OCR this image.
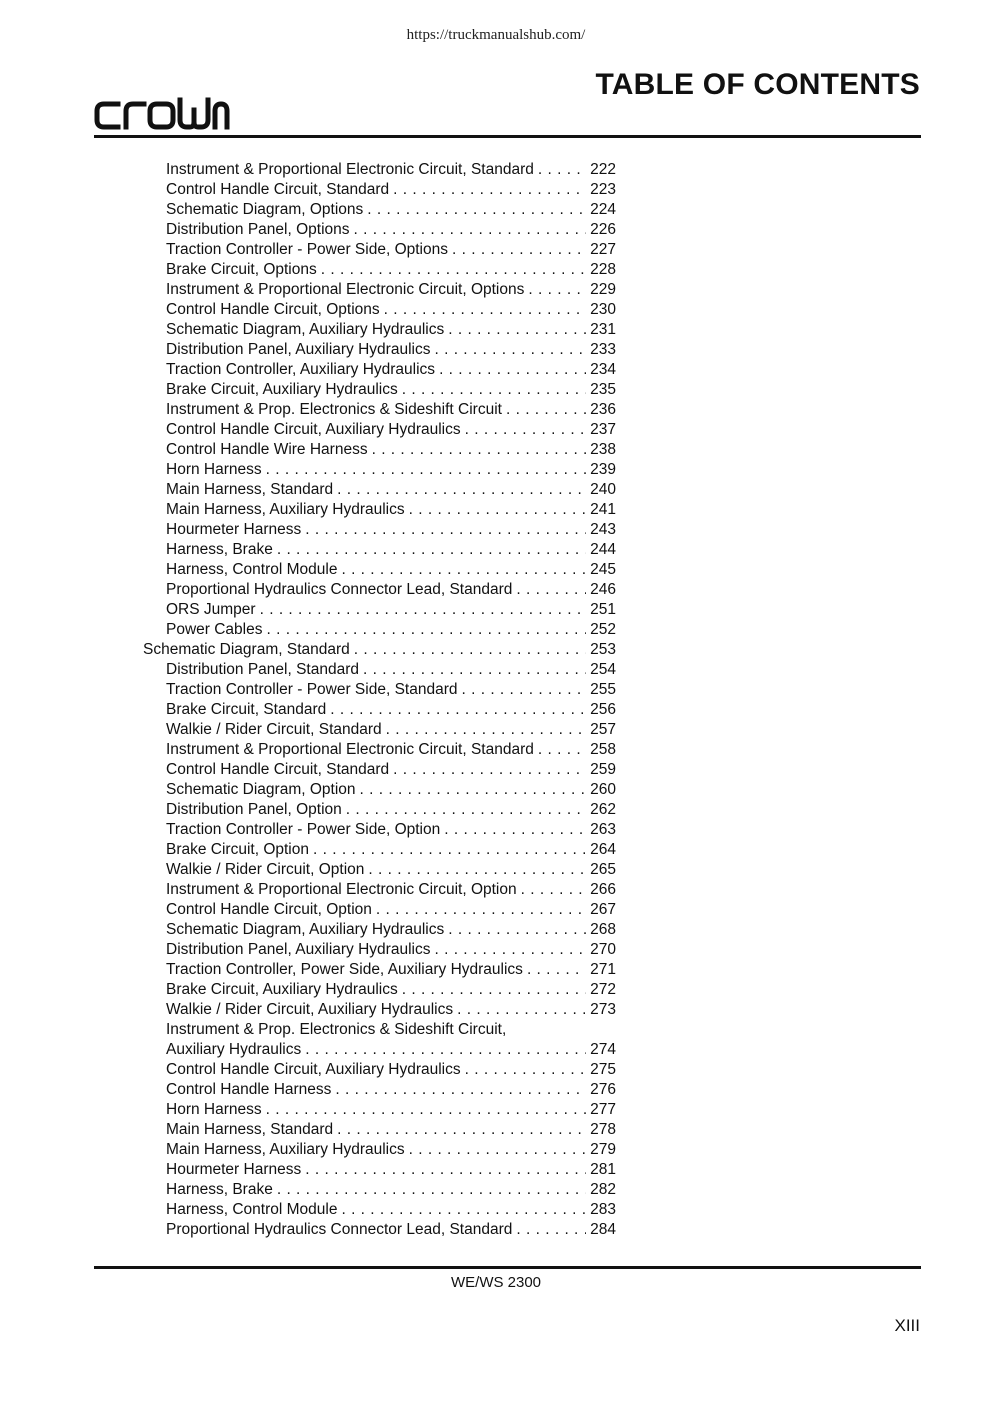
https://truckmanualshub.com/
TABLE OF CONTENTS
Instrument & Proportional Electronic Circuit, Standard . . .	222
Control Handle Circuit, Standard . . .	223
Schematic Diagram, Options . . .	224
Distribution Panel, Options . . .	226
Traction Controller - Power Side, Options . . .	227
Brake Circuit, Options . . .	228
Instrument & Proportional Electronic Circuit, Options . . .	229
Control Handle Circuit, Options . . .	230
Schematic Diagram, Auxiliary Hydraulics . . .	231
Distribution Panel, Auxiliary Hydraulics . . .	233
Traction Controller, Auxiliary Hydraulics . . .	234
Brake Circuit, Auxiliary Hydraulics . . .	235
Instrument & Prop. Electronics & Sideshift Circuit . . .	236
Control Handle Circuit, Auxiliary Hydraulics . . .	237
Control Handle Wire Harness . . .	238
Horn Harness . . .	239
Main Harness, Standard . . .	240
Main Harness, Auxiliary Hydraulics . . .	241
Hourmeter Harness . . .	243
Harness, Brake . . .	244
Harness, Control Module . . .	245
Proportional Hydraulics Connector Lead, Standard . . .	246
ORS Jumper . . .	251
Power Cables . . .	252
Schematic Diagram, Standard . . .	253
Distribution Panel, Standard . . .	254
Traction Controller - Power Side, Standard . . .	255
Brake Circuit, Standard . . .	256
Walkie / Rider Circuit, Standard . . .	257
Instrument & Proportional Electronic Circuit, Standard . . .	258
Control Handle Circuit, Standard . . .	259
Schematic Diagram, Option . . .	260
Distribution Panel, Option . . .	262
Traction Controller - Power Side, Option . . .	263
Brake Circuit, Option . . .	264
Walkie / Rider Circuit, Option . . .	265
Instrument & Proportional Electronic Circuit, Option . . .	266
Control Handle Circuit, Option . . .	267
Schematic Diagram, Auxiliary Hydraulics . . .	268
Distribution Panel, Auxiliary Hydraulics . . .	270
Traction Controller, Power Side, Auxiliary Hydraulics . . .	271
Brake Circuit, Auxiliary Hydraulics . . .	272
Walkie / Rider Circuit, Auxiliary Hydraulics . . .	273
Instrument & Prop. Electronics & Sideshift Circuit,
Auxiliary Hydraulics . . .	274
Control Handle Circuit, Auxiliary Hydraulics . . .	275
Control Handle Harness . . .	276
Horn Harness . . .	277
Main Harness, Standard . . .	278
Main Harness, Auxiliary Hydraulics . . .	279
Hourmeter Harness . . .	281
Harness, Brake . . .	282
Harness, Control Module . . .	283
Proportional Hydraulics Connector Lead, Standard . . .	284
WE/WS 2300
XIII
